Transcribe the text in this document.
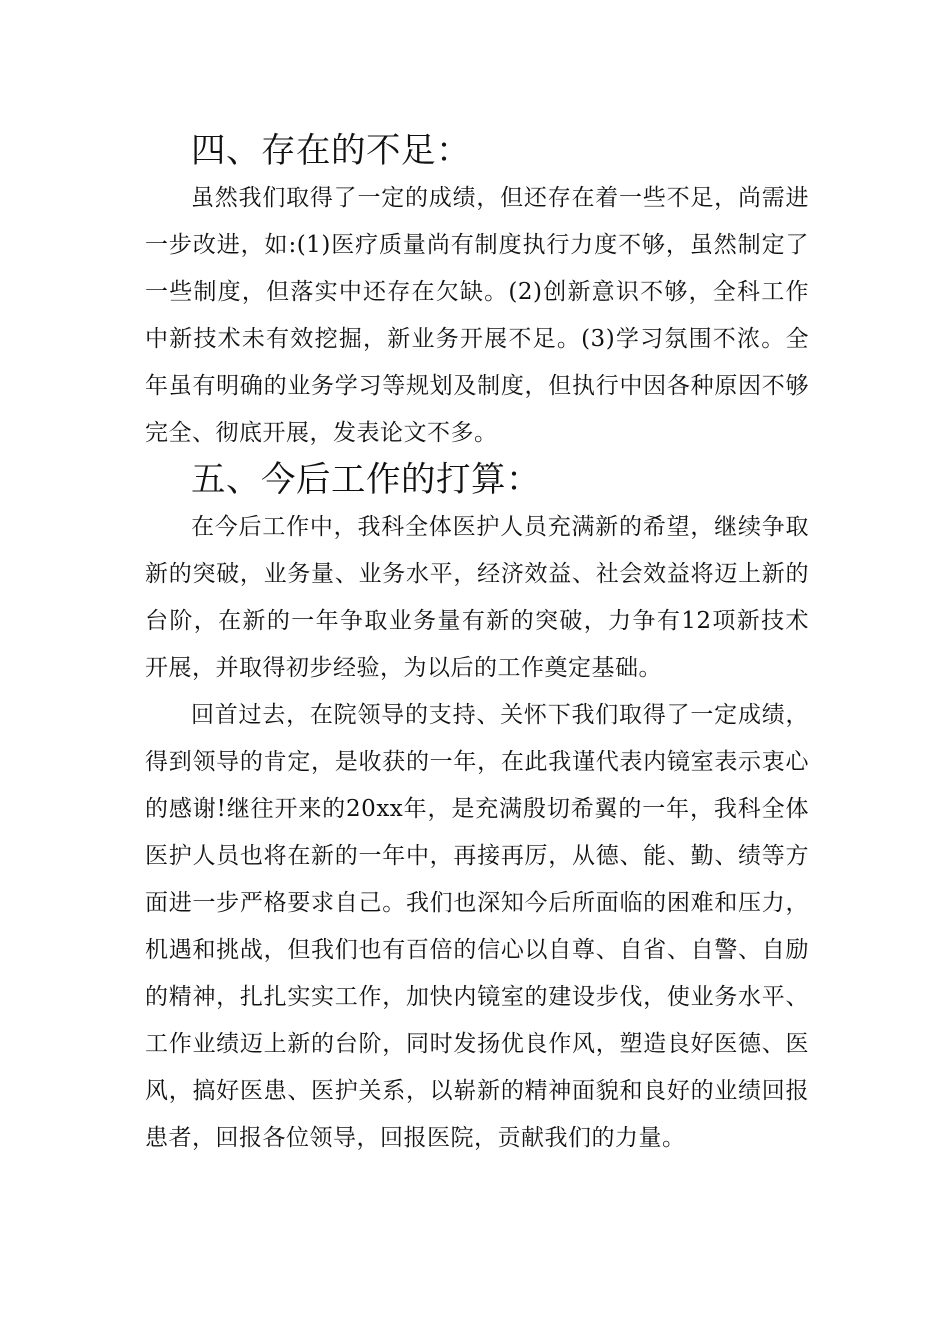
四、存在的不足：

虽然我们取得了一定的成绩，但还存在着一些不足，尚需进一步改进，如:(1)医疗质量尚有制度执行力度不够，虽然制定了一些制度，但落实中还存在欠缺。(2)创新意识不够，全科工作中新技术未有效挖掘，新业务开展不足。(3)学习氛围不浓。全年虽有明确的业务学习等规划及制度，但执行中因各种原因不够完全、彻底开展，发表论文不多。

五、今后工作的打算：

在今后工作中，我科全体医护人员充满新的希望，继续争取新的突破，业务量、业务水平，经济效益、社会效益将迈上新的台阶，在新的一年争取业务量有新的突破，力争有12项新技术开展，并取得初步经验，为以后的工作奠定基础。

回首过去，在院领导的支持、关怀下我们取得了一定成绩，得到领导的肯定，是收获的一年，在此我谨代表内镜室表示衷心的感谢!继往开来的20xx年，是充满殷切希翼的一年，我科全体医护人员也将在新的一年中，再接再厉，从德、能、勤、绩等方面进一步严格要求自己。我们也深知今后所面临的困难和压力，机遇和挑战，但我们也有百倍的信心以自尊、自省、自警、自励的精神，扎扎实实工作，加快内镜室的建设步伐，使业务水平、工作业绩迈上新的台阶，同时发扬优良作风，塑造良好医德、医风，搞好医患、医护关系，以崭新的精神面貌和良好的业绩回报患者，回报各位领导，回报医院，贡献我们的力量。
